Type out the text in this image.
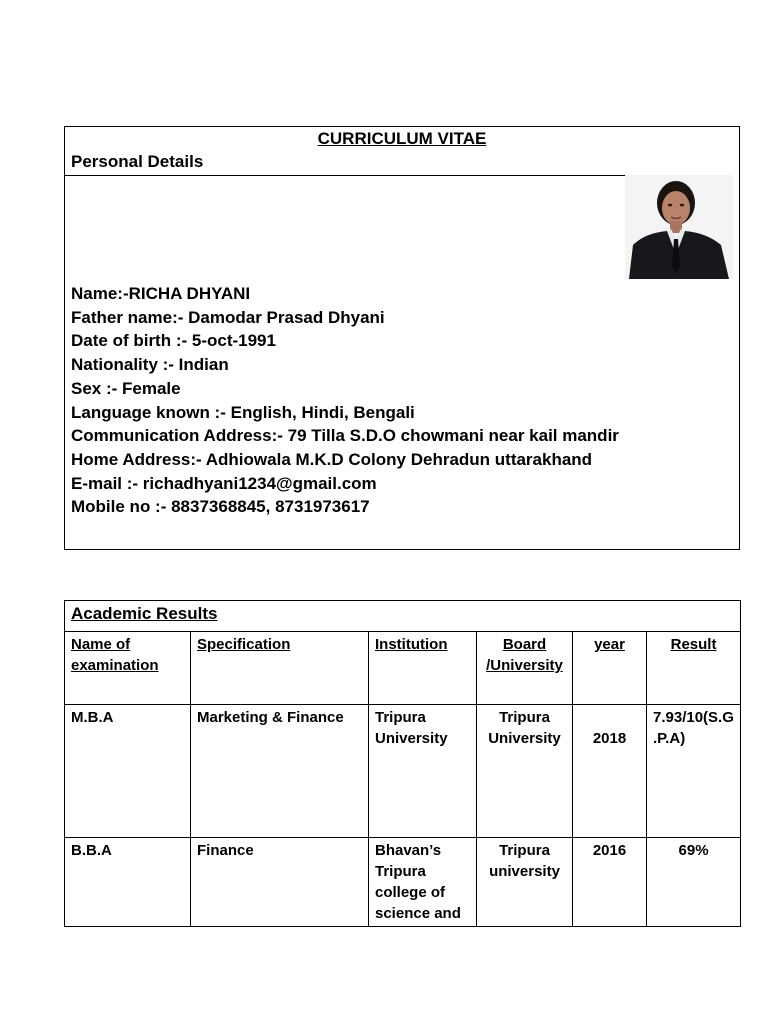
CURRICULUM VITAE
Personal Details
Name:-RICHA DHYANI
Father name:- Damodar Prasad Dhyani
Date of birth :- 5-oct-1991
Nationality :- Indian
Sex :- Female
Language known :- English, Hindi, Bengali
Communication Address:- 79 Tilla S.D.O chowmani near kail mandir
Home Address:- Adhiowala M.K.D Colony Dehradun uttarakhand
E-mail :- richadhyani1234@gmail.com
Mobile no :- 8837368845, 8731973617
Academic Results					
Name of examination	Specification	Institution	Board /University	year	Result
M.B.A	Marketing & Finance	Tripura University	Tripura University	2018	7.93/10(S.G.P.A)
B.B.A	Finance	Bhavan’s Tripura college of science and	Tripura university	2016	69%
